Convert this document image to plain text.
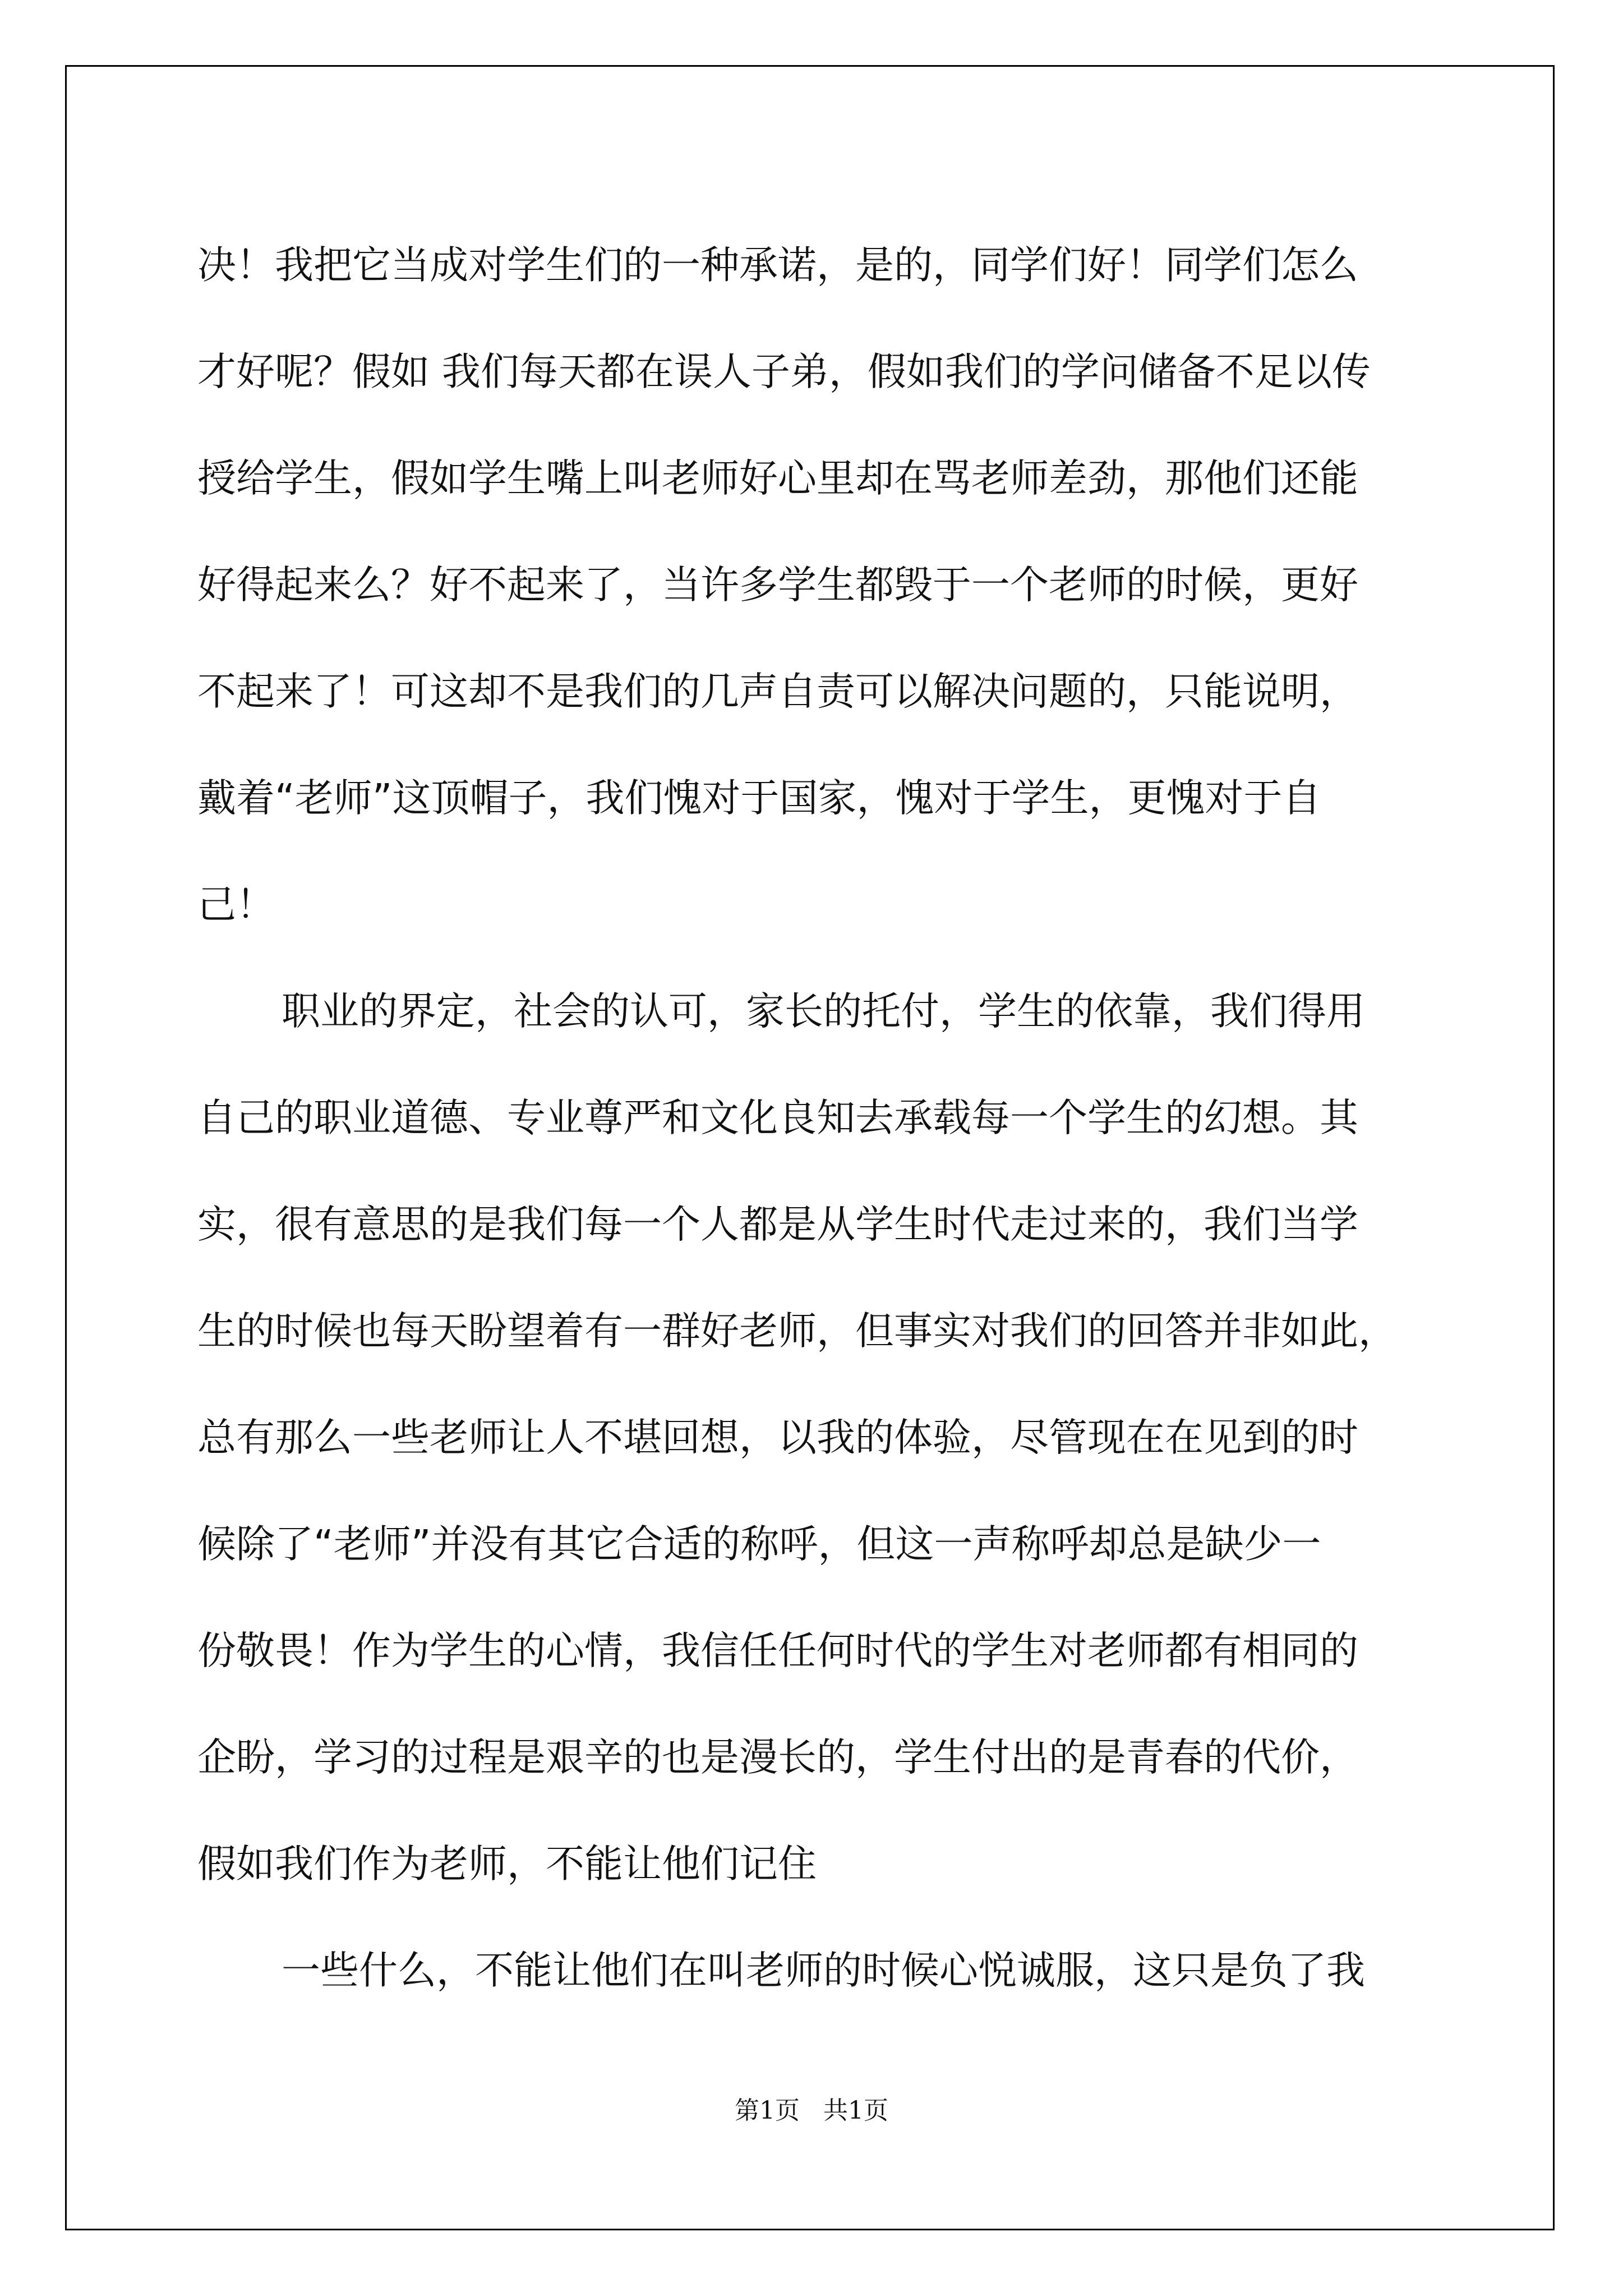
决！我把它当成对学生们的一种承诺，是的，同学们好！同学们怎么
才好呢？假如 我们每天都在误人子弟，假如我们的学问储备不足以传
授给学生，假如学生嘴上叫老师好心里却在骂老师差劲，那他们还能
好得起来么？好不起来了，当许多学生都毁于一个老师的时候，更好
不起来了！可这却不是我们的几声自责可以解决问题的，只能说明，
戴着“老师”这顶帽子，我们愧对于国家，愧对于学生，更愧对于自
己！
职业的界定，社会的认可，家长的托付，学生的依靠，我们得用
自己的职业道德、专业尊严和文化良知去承载每一个学生的幻想。其
实，很有意思的是我们每一个人都是从学生时代走过来的，我们当学
生的时候也每天盼望着有一群好老师，但事实对我们的回答并非如此，
总有那么一些老师让人不堪回想，以我的体验，尽管现在在见到的时
候除了“老师”并没有其它合适的称呼，但这一声称呼却总是缺少一
份敬畏！作为学生的心情，我信任任何时代的学生对老师都有相同的
企盼，学习的过程是艰辛的也是漫长的，学生付出的是青春的代价，
假如我们作为老师，不能让他们记住
一些什么，不能让他们在叫老师的时候心悦诚服，这只是负了我
第1页   共1页
